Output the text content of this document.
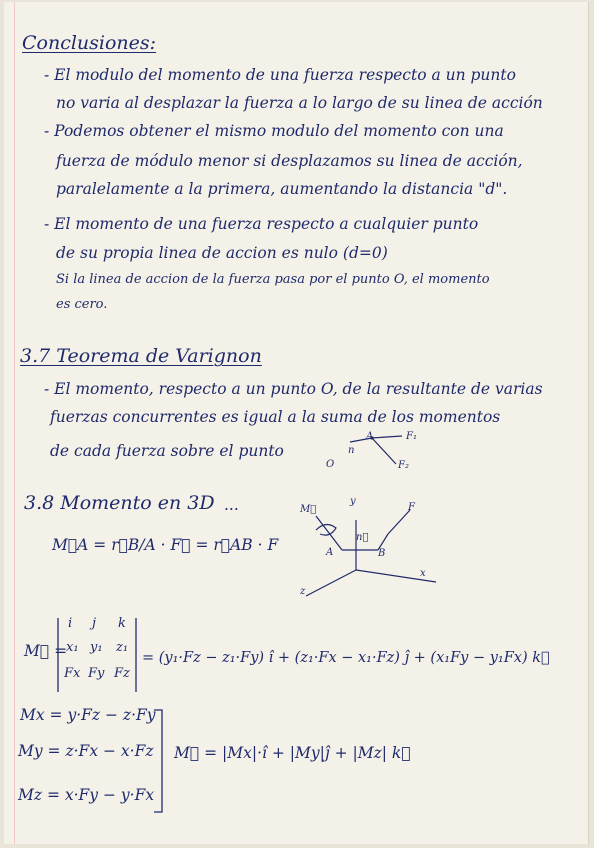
Conclusiones:
- El modulo del momento de una fuerza respecto a un punto
no varia al desplazar la fuerza a lo largo de su linea de acción
- Podemos obtener el mismo modulo del momento con una
fuerza de módulo menor si desplazamos su linea de acción,
paralelamente a la primera, aumentando la distancia "d".
- El momento de una fuerza respecto a cualquier punto
de su propia linea de accion es nulo (d=0)
Si la linea de accion de la fuerza pasa por el punto O, el momento
es cero.
3.7 Teorema de Varignon
- El momento, respecto a un punto O, de la resultante de varias
fuerzas concurrentes es igual a la suma de los momentos
de cada fuerza sobre el punto
O
n
A	F₁
F₂
3.8 Momento en 3D ...
M⃗A = r⃗B/A · F⃗ = r⃗AB · F
M⃗
y
F
A
n⃗
B
x
z
M⃗ =
i j k
x₁ y₁ z₁
Fx Fy Fz
= (y₁·Fz − z₁·Fy) î + (z₁·Fx − x₁·Fz) ĵ + (x₁Fy − y₁Fx) k⃗
Mx = y·Fz − z·Fy
My = z·Fx − x·Fz
Mz = x·Fy − y·Fx
M⃗ = |Mx|·î + |My|ĵ + |Mz| k⃗
